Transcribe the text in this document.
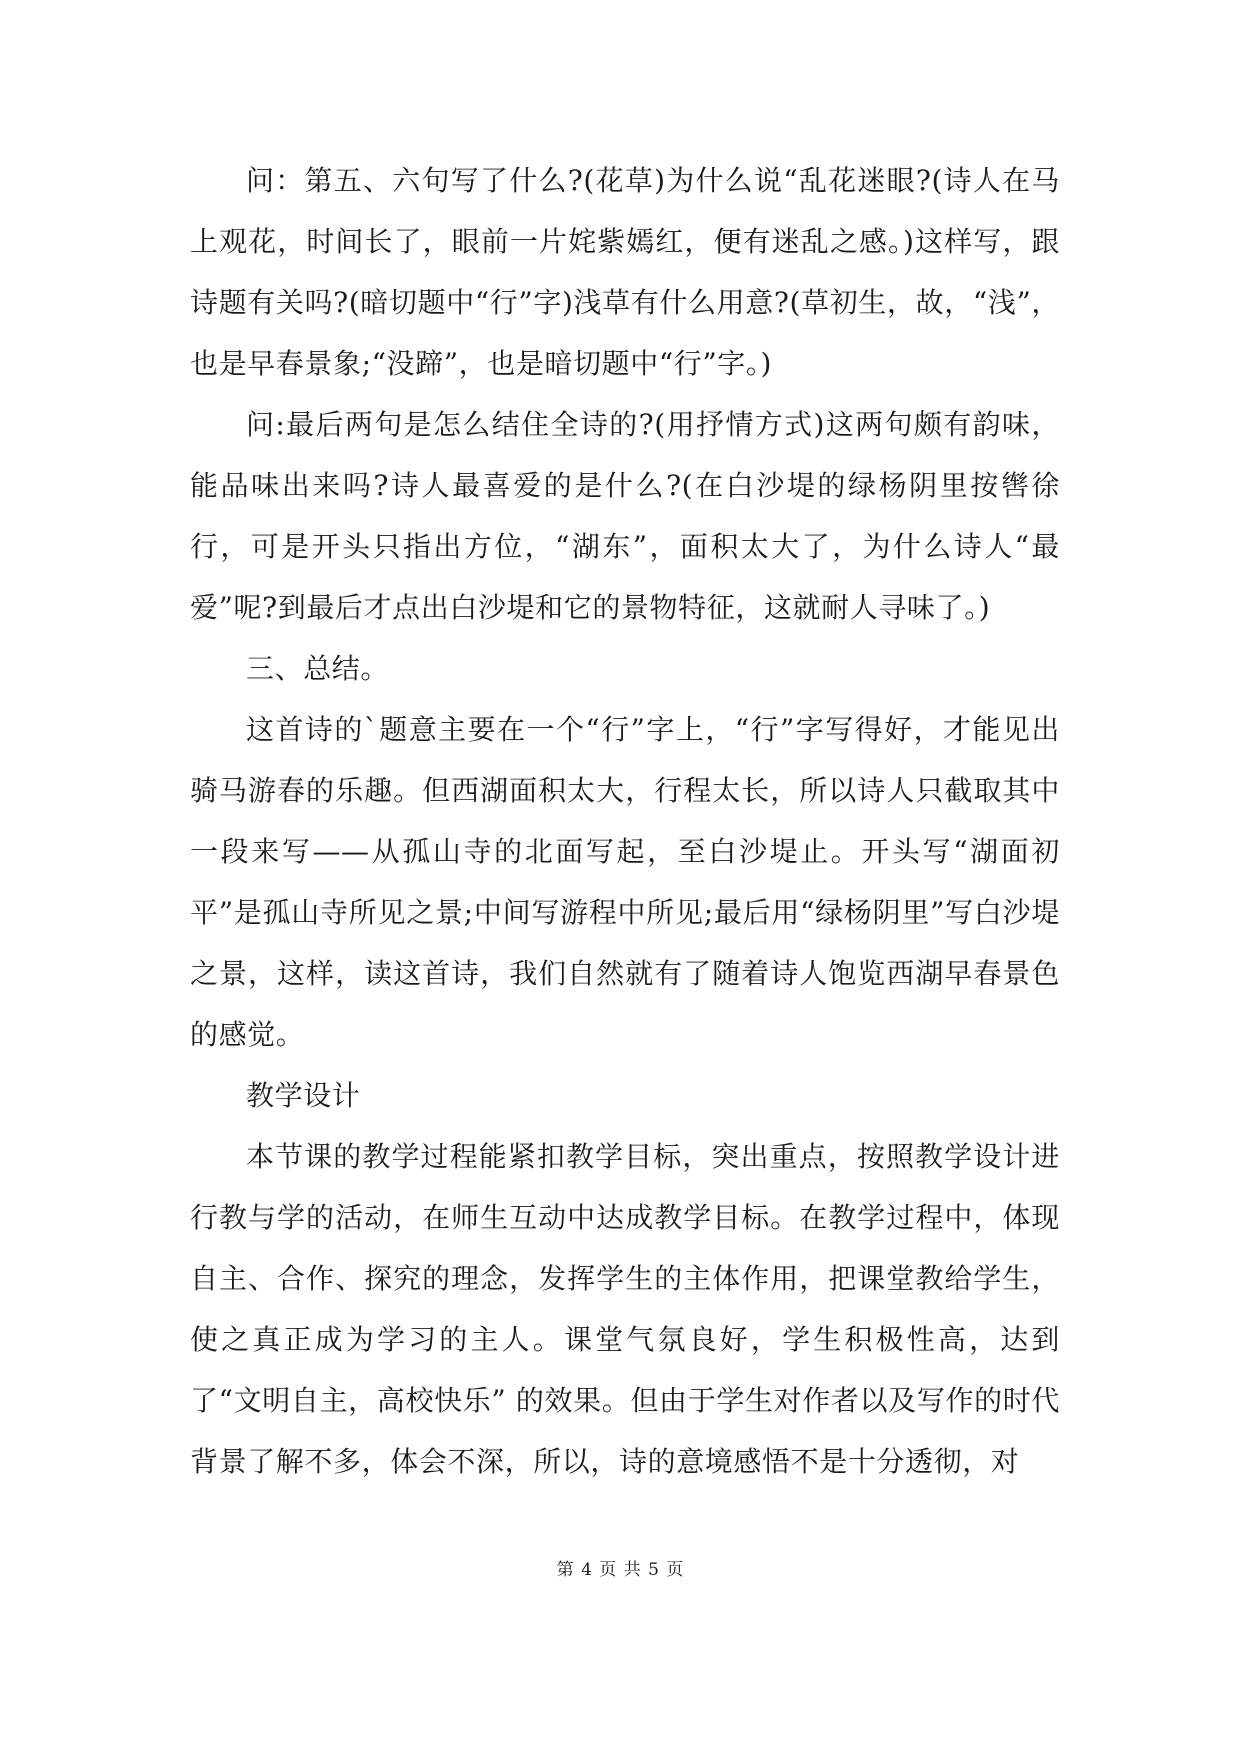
问：第五、六句写了什么?(花草)为什么说“乱花迷眼?(诗人在马上观花，时间长了，眼前一片姹紫嫣红，便有迷乱之感。)这样写，跟诗题有关吗?(暗切题中“行”字)浅草有什么用意?(草初生，故，“浅”，也是早春景象;“没蹄”，也是暗切题中“行”字。)

问:最后两句是怎么结住全诗的?(用抒情方式)这两句颇有韵味，能品味出来吗?诗人最喜爱的是什么?(在白沙堤的绿杨阴里按辔徐行，可是开头只指出方位，“湖东”，面积太大了，为什么诗人“最爱”呢?到最后才点出白沙堤和它的景物特征，这就耐人寻味了。)

三、总结。

这首诗的`题意主要在一个“行”字上，“行”字写得好，才能见出骑马游春的乐趣。但西湖面积太大，行程太长，所以诗人只截取其中一段来写——从孤山寺的北面写起，至白沙堤止。开头写“湖面初平”是孤山寺所见之景;中间写游程中所见;最后用“绿杨阴里”写白沙堤之景，这样，读这首诗，我们自然就有了随着诗人饱览西湖早春景色的感觉。

教学设计

本节课的教学过程能紧扣教学目标，突出重点，按照教学设计进行教与学的活动，在师生互动中达成教学目标。在教学过程中，体现自主、合作、探究的理念，发挥学生的主体作用，把课堂教给学生，使之真正成为学习的主人。课堂气氛良好，学生积极性高，达到了“文明自主，高校快乐” 的效果。但由于学生对作者以及写作的时代背景了解不多，体会不深，所以，诗的意境感悟不是十分透彻，对

第 4 页 共 5 页
